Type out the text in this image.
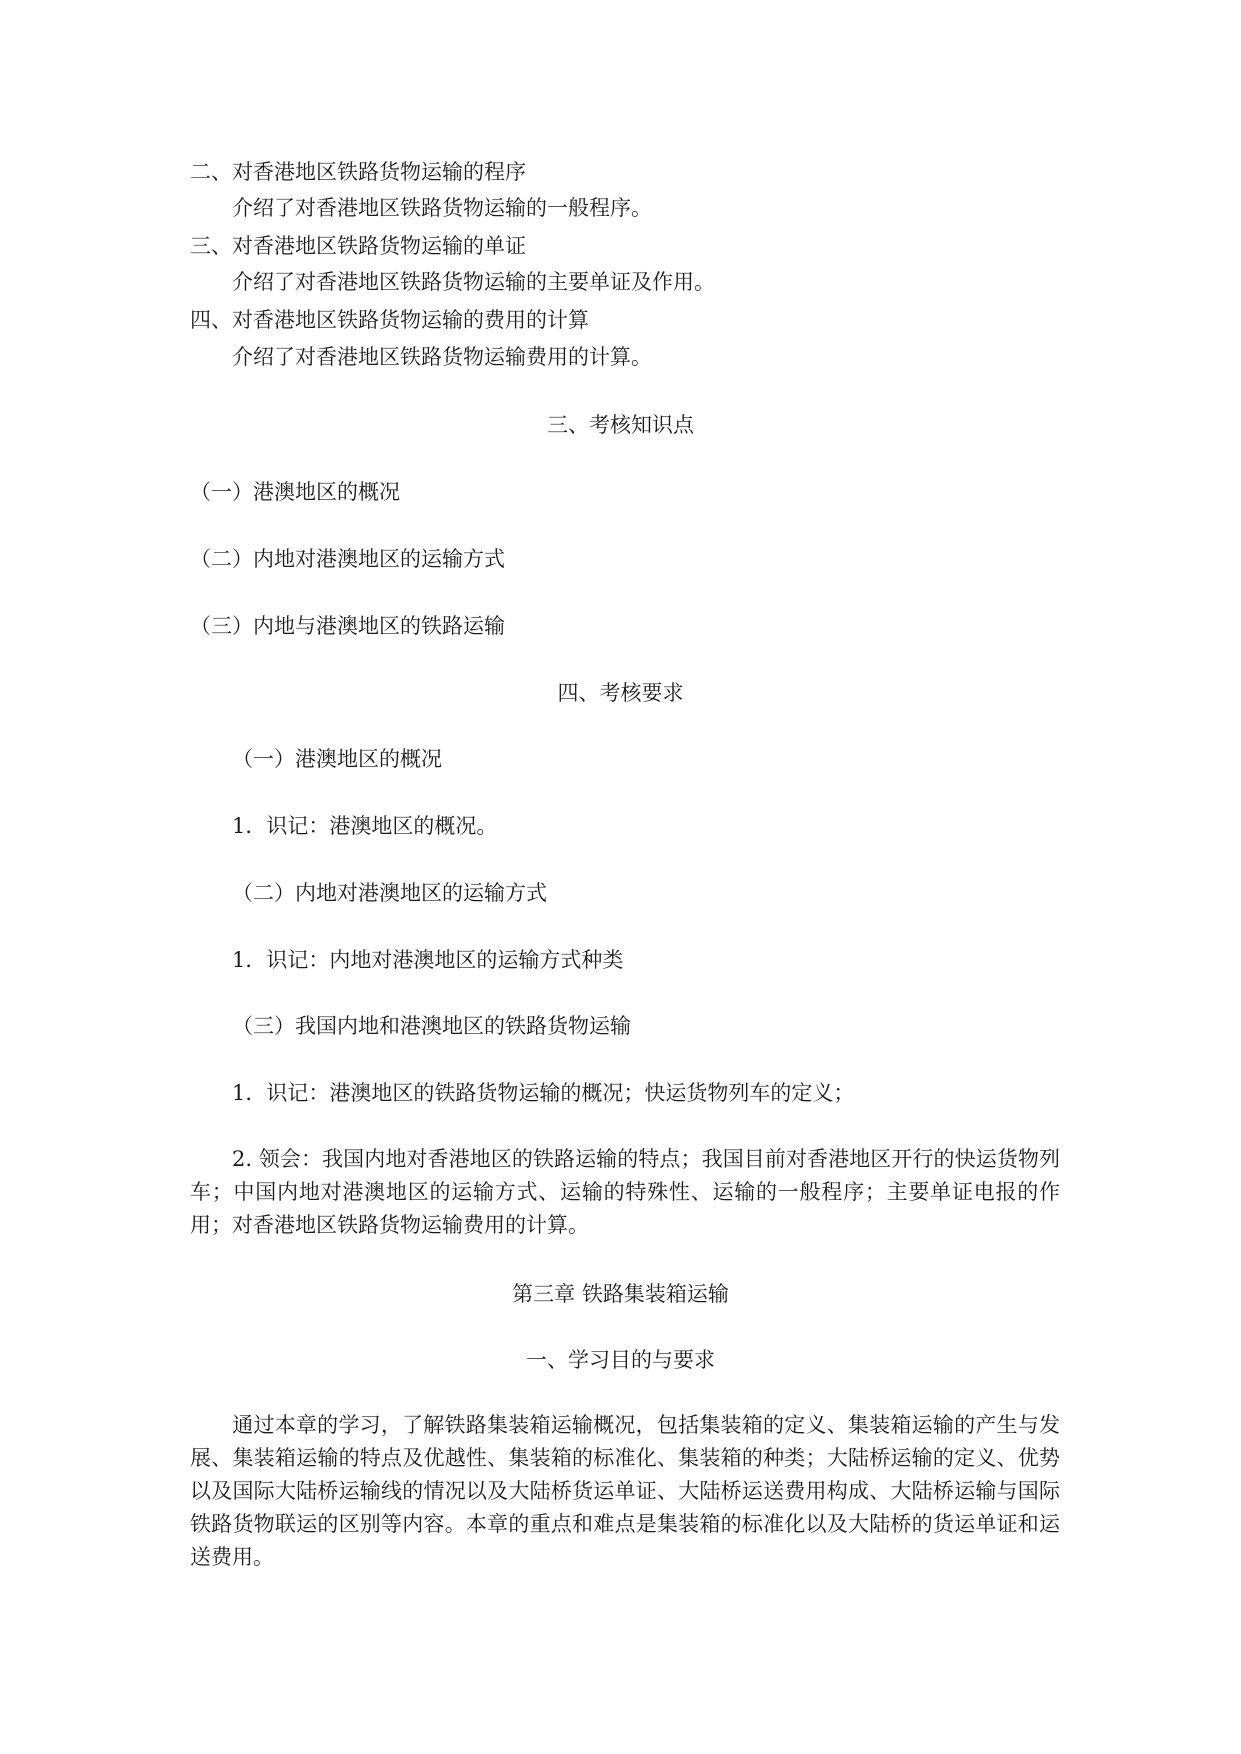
二、对香港地区铁路货物运输的程序
介绍了对香港地区铁路货物运输的一般程序。
三、对香港地区铁路货物运输的单证
介绍了对香港地区铁路货物运输的主要单证及作用。
四、对香港地区铁路货物运输的费用的计算
介绍了对香港地区铁路货物运输费用的计算。
三、考核知识点
（一）港澳地区的概况
（二）内地对港澳地区的运输方式
（三）内地与港澳地区的铁路运输
四、考核要求
（一）港澳地区的概况
1．识记：港澳地区的概况。
（二）内地对港澳地区的运输方式
1．识记：内地对港澳地区的运输方式种类
（三）我国内地和港澳地区的铁路货物运输
1．识记：港澳地区的铁路货物运输的概况；快运货物列车的定义；
2. 领会：我国内地对香港地区的铁路运输的特点；我国目前对香港地区开行的快运货物列车；中国内地对港澳地区的运输方式、运输的特殊性、运输的一般程序；主要单证电报的作用；对香港地区铁路货物运输费用的计算。
第三章 铁路集装箱运输
一、学习目的与要求
通过本章的学习，了解铁路集装箱运输概况，包括集装箱的定义、集装箱运输的产生与发展、集装箱运输的特点及优越性、集装箱的标准化、集装箱的种类；大陆桥运输的定义、优势以及国际大陆桥运输线的情况以及大陆桥货运单证、大陆桥运送费用构成、大陆桥运输与国际铁路货物联运的区别等内容。本章的重点和难点是集装箱的标准化以及大陆桥的货运单证和运送费用。
